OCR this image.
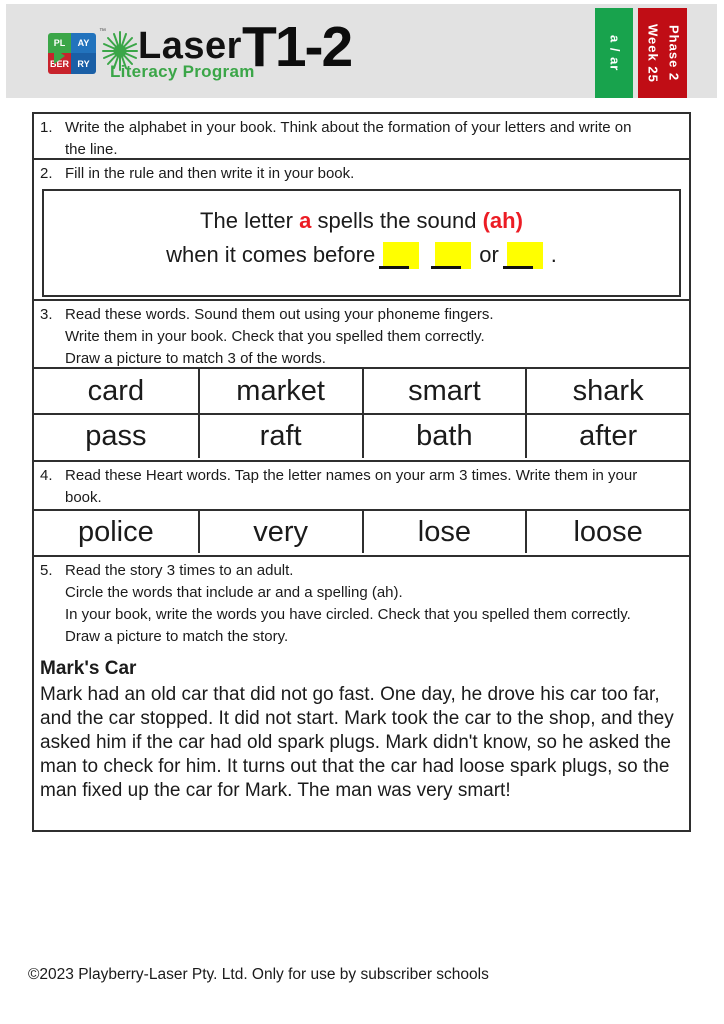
PL	AY
BER RY
™ Laser
Literacy Program
T1-2	a / ar	Phase 2
Week 25
1. Write the alphabet in your book. Think about the formation of your letters and write on
the line.
2. Fill in the rule and then write it in your book.
The letter a spells the sound (ah)
when it comes before	or .
3. Read these words. Sound them out using your phoneme fingers.
Write them in your book. Check that you spelled them correctly.
Draw a picture to match 3 of the words.
card	market	smart	shark
pass	raft	bath	after
4. Read these Heart words. Tap the letter names on your arm 3 times. Write them in your
book.
police	very	lose	loose
5. Read the story 3 times to an adult.
Circle the words that include ar and a spelling (ah).
In your book, write the words you have circled. Check that you spelled them correctly.
Draw a picture to match the story.
Mark's Car
Mark had an old car that did not go fast. One day, he drove his car too far, and the car stopped. It did not start. Mark took the car to the shop, and they asked him if the car had old spark plugs. Mark didn't know, so he asked the man to check for him. It turns out that the car had loose spark plugs, so the man fixed up the car for Mark. The man was very smart!
©2023 Playberry-Laser Pty. Ltd. Only for use by subscriber schools
